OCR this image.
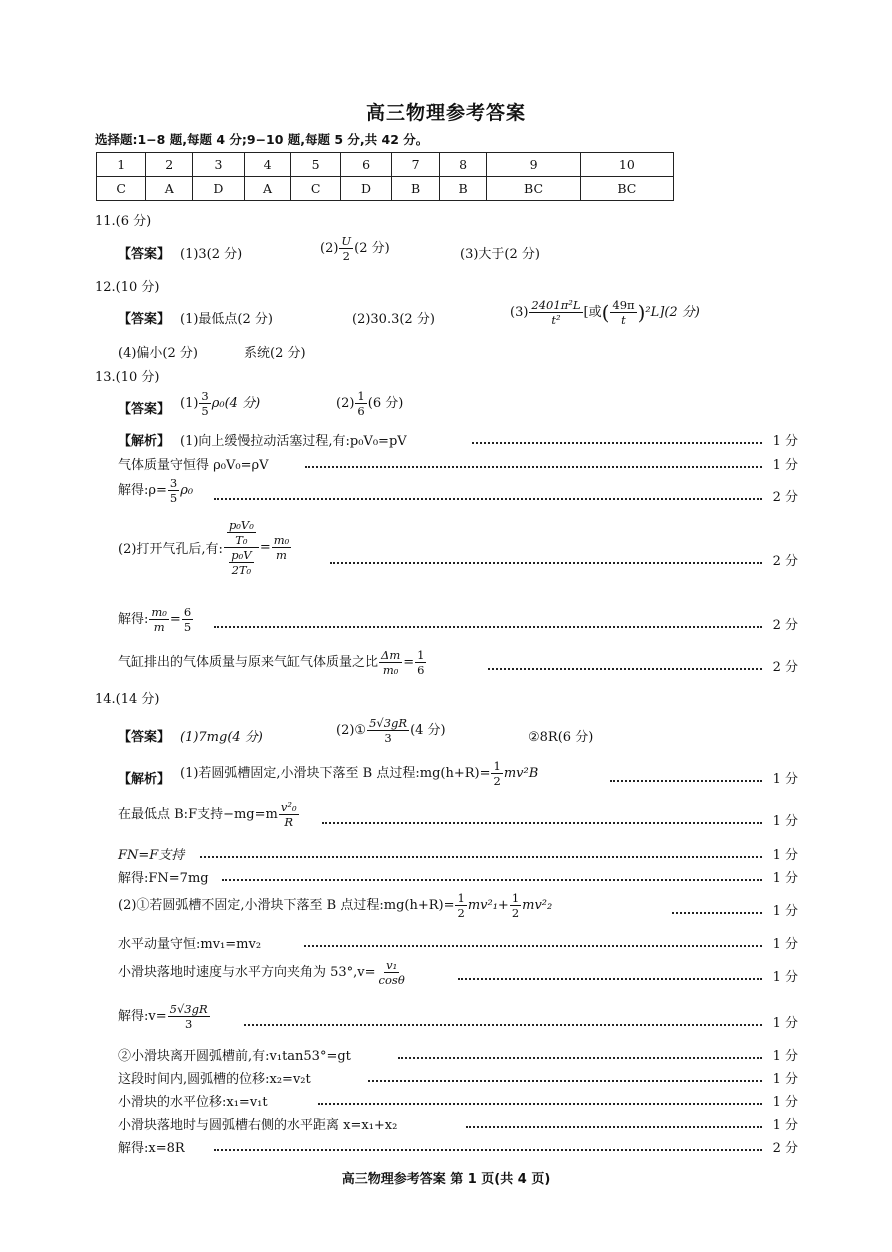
高三物理参考答案
选择题:1−8 题,每题 4 分;9−10 题,每题 5 分,共 42 分。
1	2	3	4	5	6	7	8	9	10
C	A	D	A	C	D	B	B	BC	BC
11.(6 分)
【答案】 (1)3(2 分)	$(2) \frac{U}{2} (2$ 分)	(3)大于(2 分)
12.(10 分)
【答案】 (1)最低点(2 分)	(2)30.3(2 分)	$(3) \frac{\text{2401π²L}}{\text{t²}}$ [或( $\frac{49\pi}{t} )^2L](2$ 分)
(4)偏小(2 分)	系统(2 分)
13.(10 分)
【答案】 $(1) \frac{3}{5} \rho_0(4$ 分)	$(2) \frac{1}{6} (6$ 分)
【解析】 (1)向上缓慢拉动活塞过程,有:p₀V₀=pV	1 分
气体质量守恒得 ρ₀V₀=ρV	1 分
解得:ρ= $\frac{3}{5} \rho_0$	2 分
(2)打开气孔后,有: $\frac{\frac{\text{p₀V₀}}{\text{T₀}}}{\frac{\text{p₀V}}{\text{2T₀}}} = \frac{\text{m₀}}{m}$	2 分
解得: $\frac{\text{m₀}}{m} = \frac{6}{5}$	2 分
气缸排出的气体质量与原来气缸气体质量之比 $\frac{\Delta m}{\text{m₀}} = \frac{1}{6}$	2 分
14.(14 分)
【答案】 (1)7mg(4 分)	(2)① $\frac{5√3gR}{3} (4$ 分)	②8R(6 分)
【解析】 (1)若圆弧槽固定,小滑块下落至 B 点过程:mg(h+R)= $\frac{1}{2} mv^2B$	1 分
在最低点 B:F支持$-mg=m \frac{\text{v²₀}}{R}$	1 分
FN=F支持	1 分
解得:FN=7mg	1 分
(2)①若圆弧槽不固定,小滑块下落至 B 点过程:mg(h+R)= $\frac{1}{2} mv^2_1+ \frac{1}{2} mv^2_2$	1 分
水平动量守恒:mv₁=mv₂	1 分
小滑块落地时速度与水平方向夹角为 $53^\circ,v= \frac{\text{v₁}}{\cos\theta}$	1 分
解得:v= $\frac{5√3gR}{3}$	1 分
②小滑块离开圆弧槽前,有:v₁tan53°=gt	1 分
这段时间内,圆弧槽的位移:x₂=v₂t	1 分
小滑块的水平位移:x₁=v₁t	1 分
小滑块落地时与圆弧槽右侧的水平距离 x=x₁+x₂	1 分
解得:x=8R	2 分
高三物理参考答案 第 1 页(共 4 页)
